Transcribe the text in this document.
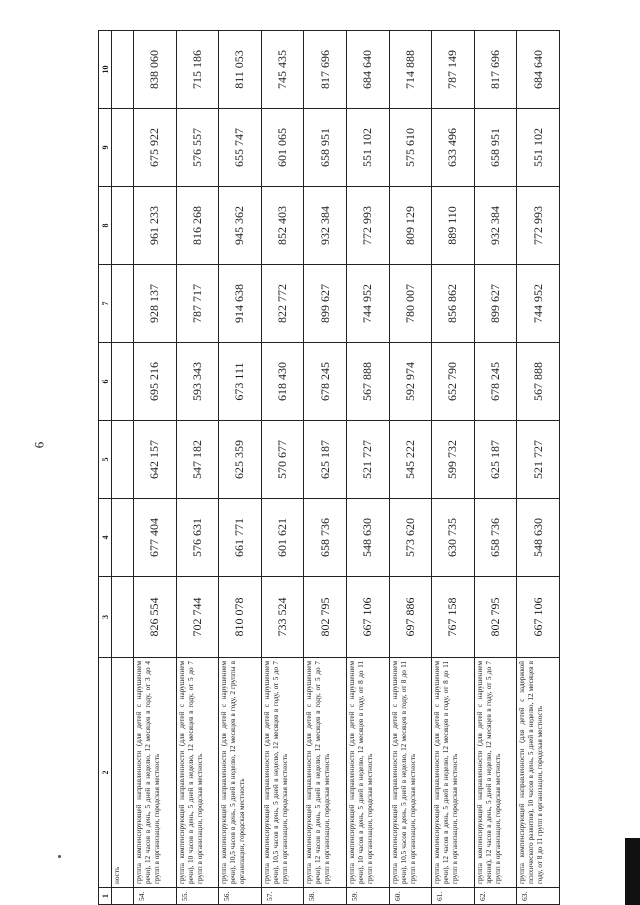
6
1	2	3	4	5	6	7	8	9	10
	ность								
54.	группа компенсирующей направленности (для детей с нарушением речи), 12 часов в день, 5 дней в неделю, 12 месяцев в году, от 3 до 4 групп в организации, городская местность	826 554	677 404	642 157	695 216	928 137	961 233	675 922	838 060
55.	группа компенсирующей направленности (для детей с нарушением речи), 10 часов в день, 5 дней в неделю, 12 месяцев в году, от 5 до 7 групп в организации, городская местность	702 744	576 631	547 182	593 343	787 717	816 268	576 557	715 186
56.	группа компенсирующей направленности (для детей с нарушением речи), 10,5 часов в день, 5 дней в неделю, 12 месяцев в году, 2 группы в организации, городская местность	810 078	661 771	625 359	673 111	914 638	945 362	655 747	811 053
57.	группа компенсирующей направленности (для детей с нарушением речи), 10,5 часов в день, 5 дней в неделю, 12 месяцев в году, от 5 до 7 групп в организации, городская местность	733 524	601 621	570 677	618 430	822 772	852 403	601 065	745 435
58.	группа компенсирующей направленности (для детей с нарушением речи), 12 часов в день, 5 дней в неделю, 12 месяцев в году, от 5 до 7 групп в организации, городская местность	802 795	658 736	625 187	678 245	899 627	932 384	658 951	817 696
59.	группа компенсирующей направленности (для детей с нарушением речи), 10 часов в день, 5 дней в неделю, 12 месяцев в году, от 8 до 11 групп в организации, городская местность	667 106	548 630	521 727	567 888	744 952	772 993	551 102	684 640
60.	группа компенсирующей направленности (для детей с нарушением речи), 10,5 часов в день, 5 дней в неделю, 12 месяцев в году, от 8 до 11 групп в организации, городская местность	697 886	573 620	545 222	592 974	780 007	809 129	575 610	714 888
61.	группа компенсирующей направленности (для детей с нарушением речи), 12 часов в день, 5 дней в неделю, 12 месяцев в году, от 8 до 11 групп в организации, городская местность	767 158	630 735	599 732	652 790	856 862	889 110	633 496	787 149
62.	группа компенсирующей направленности (для детей с нарушением зрения), 12 часов в день, 5 дней в неделю, 12 месяцев в году, от 5 до 7 групп в организации, городская местность	802 795	658 736	625 187	678 245	899 627	932 384	658 951	817 696
63.	группа компенсирующей направленности (для детей с задержкой психического развития), 10 часов в день, 5 дней в неделю, 12 месяцев в году, от 8 до 11 групп в организации, городская местность	667 106	548 630	521 727	567 888	744 952	772 993	551 102	684 640
